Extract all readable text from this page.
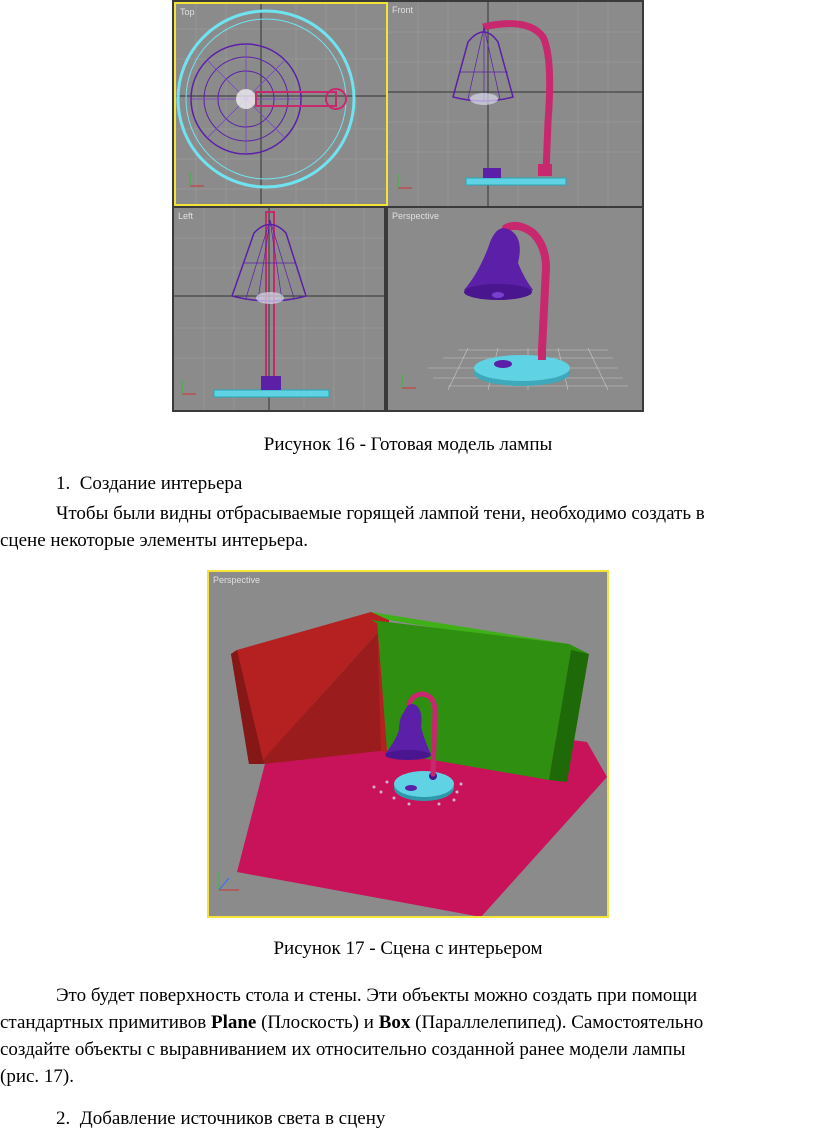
Top	Front
Left	Perspective
Рисунок 16 - Готовая модель лампы
1. Создание интерьера
Чтобы были видны отбрасываемые горящей лампой тени, необходимо создать в
сцене некоторые элементы интерьера.
Perspective
Рисунок 17 - Сцена с интерьером
Это будет поверхность стола и стены. Эти объекты можно создать при помощи
стандартных примитивов Plane (Плоскость) и Box (Параллелепипед). Самостоятельно
создайте объекты с выравниванием их относительно созданной ранее модели лампы
(рис. 17).
2. Добавление источников света в сцену
